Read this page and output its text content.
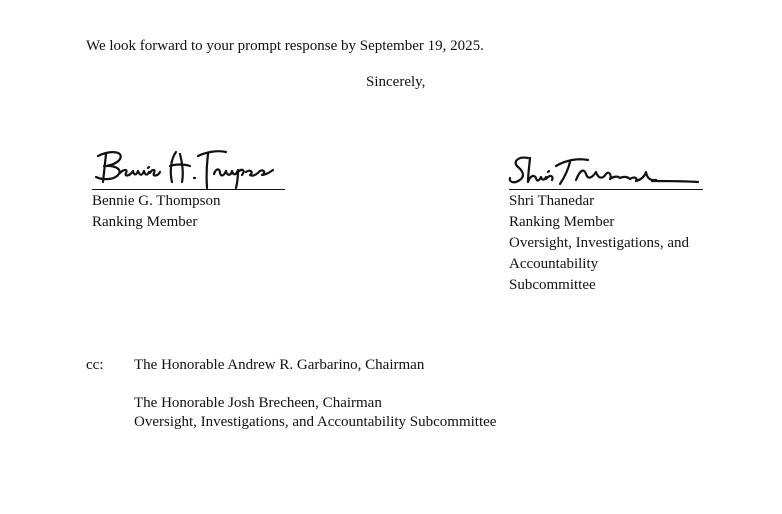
We look forward to your prompt response by September 19, 2025.
Sincerely,
Bennie G. Thompson
Ranking Member
Shri Thanedar
Ranking Member
Oversight, Investigations, and
Accountability
Subcommittee
cc: The Honorable Andrew R. Garbarino, Chairman
The Honorable Josh Brecheen, Chairman
Oversight, Investigations, and Accountability Subcommittee
